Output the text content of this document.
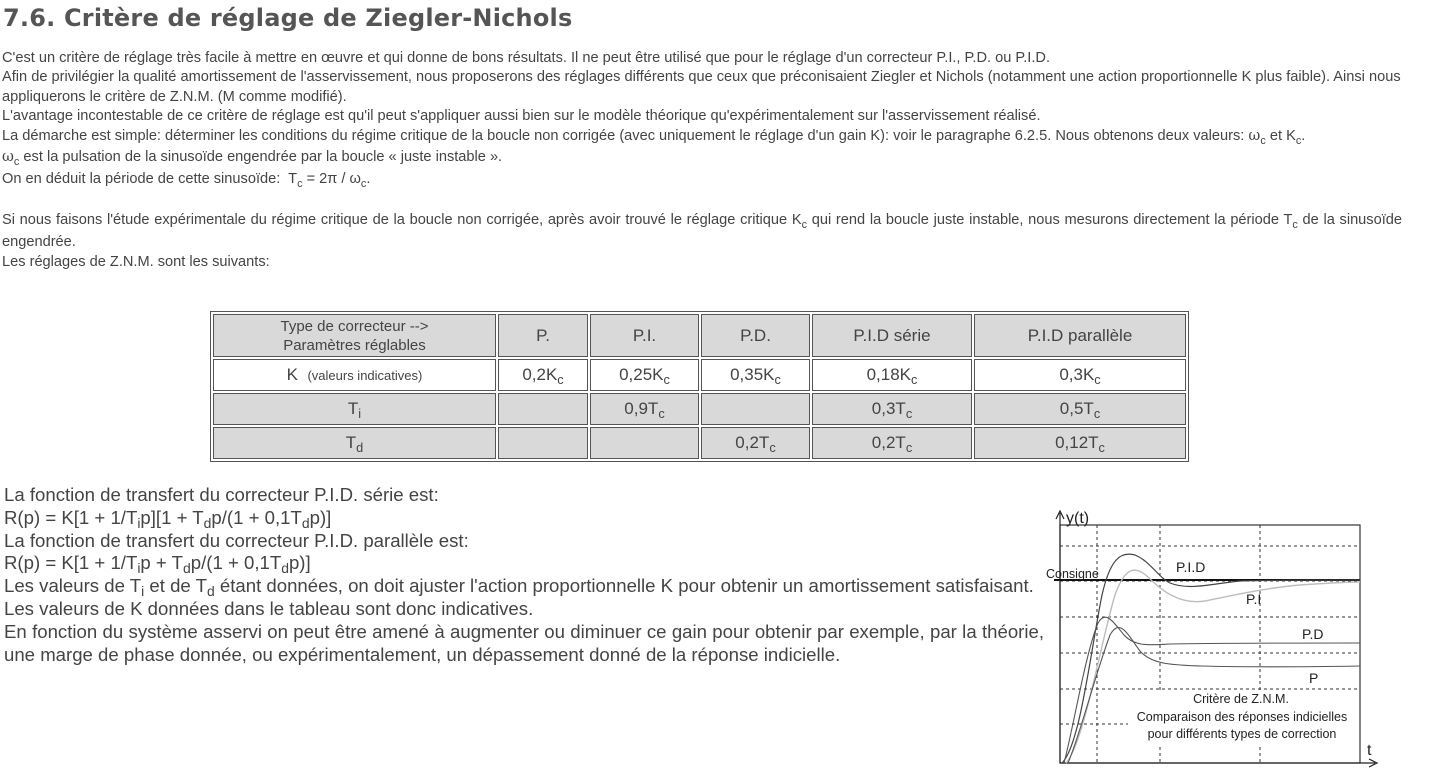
7.6. Critère de réglage de Ziegler-Nichols

C'est un critère de réglage très facile à mettre en œuvre et qui donne de bons résultats. Il ne peut être utilisé que pour le réglage d'un correcteur P.I., P.D. ou P.I.D.

Afin de privilégier la qualité amortissement de l'asservissement, nous proposerons des réglages différents que ceux que préconisaient Ziegler et Nichols (notamment une action proportionnelle K plus faible). Ainsi nous appliquerons le critère de Z.N.M. (M comme modifié).

L'avantage incontestable de ce critère de réglage est qu'il peut s'appliquer aussi bien sur le modèle théorique qu'expérimentalement sur l'asservissement réalisé.

La démarche est simple: déterminer les conditions du régime critique de la boucle non corrigée (avec uniquement le réglage d'un gain K): voir le paragraphe 6.2.5. Nous obtenons deux valeurs: $\omega_c$ et $K_c$.

$\omega_c$ est la pulsation de la sinusoïde engendrée par la boucle « juste instable ».

On en déduit la période de cette sinusoïde: $T_c = 2\pi / \omega_c$.

Si nous faisons l'étude expérimentale du régime critique de la boucle non corrigée, après avoir trouvé le réglage critique $K_c$ qui rend la boucle juste instable, nous mesurons directement la période $T_c$ de la sinusoïde engendrée.

Les réglages de Z.N.M. sont les suivants:

Type de correcteur -->
Paramètres réglables	P.	P.I.	P.D.	P.I.D série	P.I.D parallèle
K (valeurs indicatives)	$0,2K_c$	$0,25K_c$	$0,35K_c$	$0,18K_c$	$0,3K_c$
$T_i$		$0,9T_c$		$0,3T_c$	$0,5T_c$
$T_d$			$0,2T_c$	$0,2T_c$	$0,12T_c$

La fonction de transfert du correcteur P.I.D. série est:

$R(p) = K[1 + 1/T_ip][1 + T_dp/(1 + 0,1T_dp)]$

La fonction de transfert du correcteur P.I.D. parallèle est:

$R(p) = K[1 + 1/T_ip + T_dp/(1 + 0,1T_dp)]$

Les valeurs de $T_i$ et de $T_d$ étant données, on doit ajuster l'action proportionnelle K pour obtenir un amortissement satisfaisant.

Les valeurs de K données dans le tableau sont donc indicatives.

En fonction du système asservi on peut être amené à augmenter ou diminuer ce gain pour obtenir par exemple, par la théorie, une marge de phase donnée, ou expérimentalement, un dépassement donné de la réponse indicielle.

y(t)
t
Consigne	P.I.D
P.I
P.D
P
Critère de Z.N.M.
Comparaison des réponses indicielles
pour différents types de correction
